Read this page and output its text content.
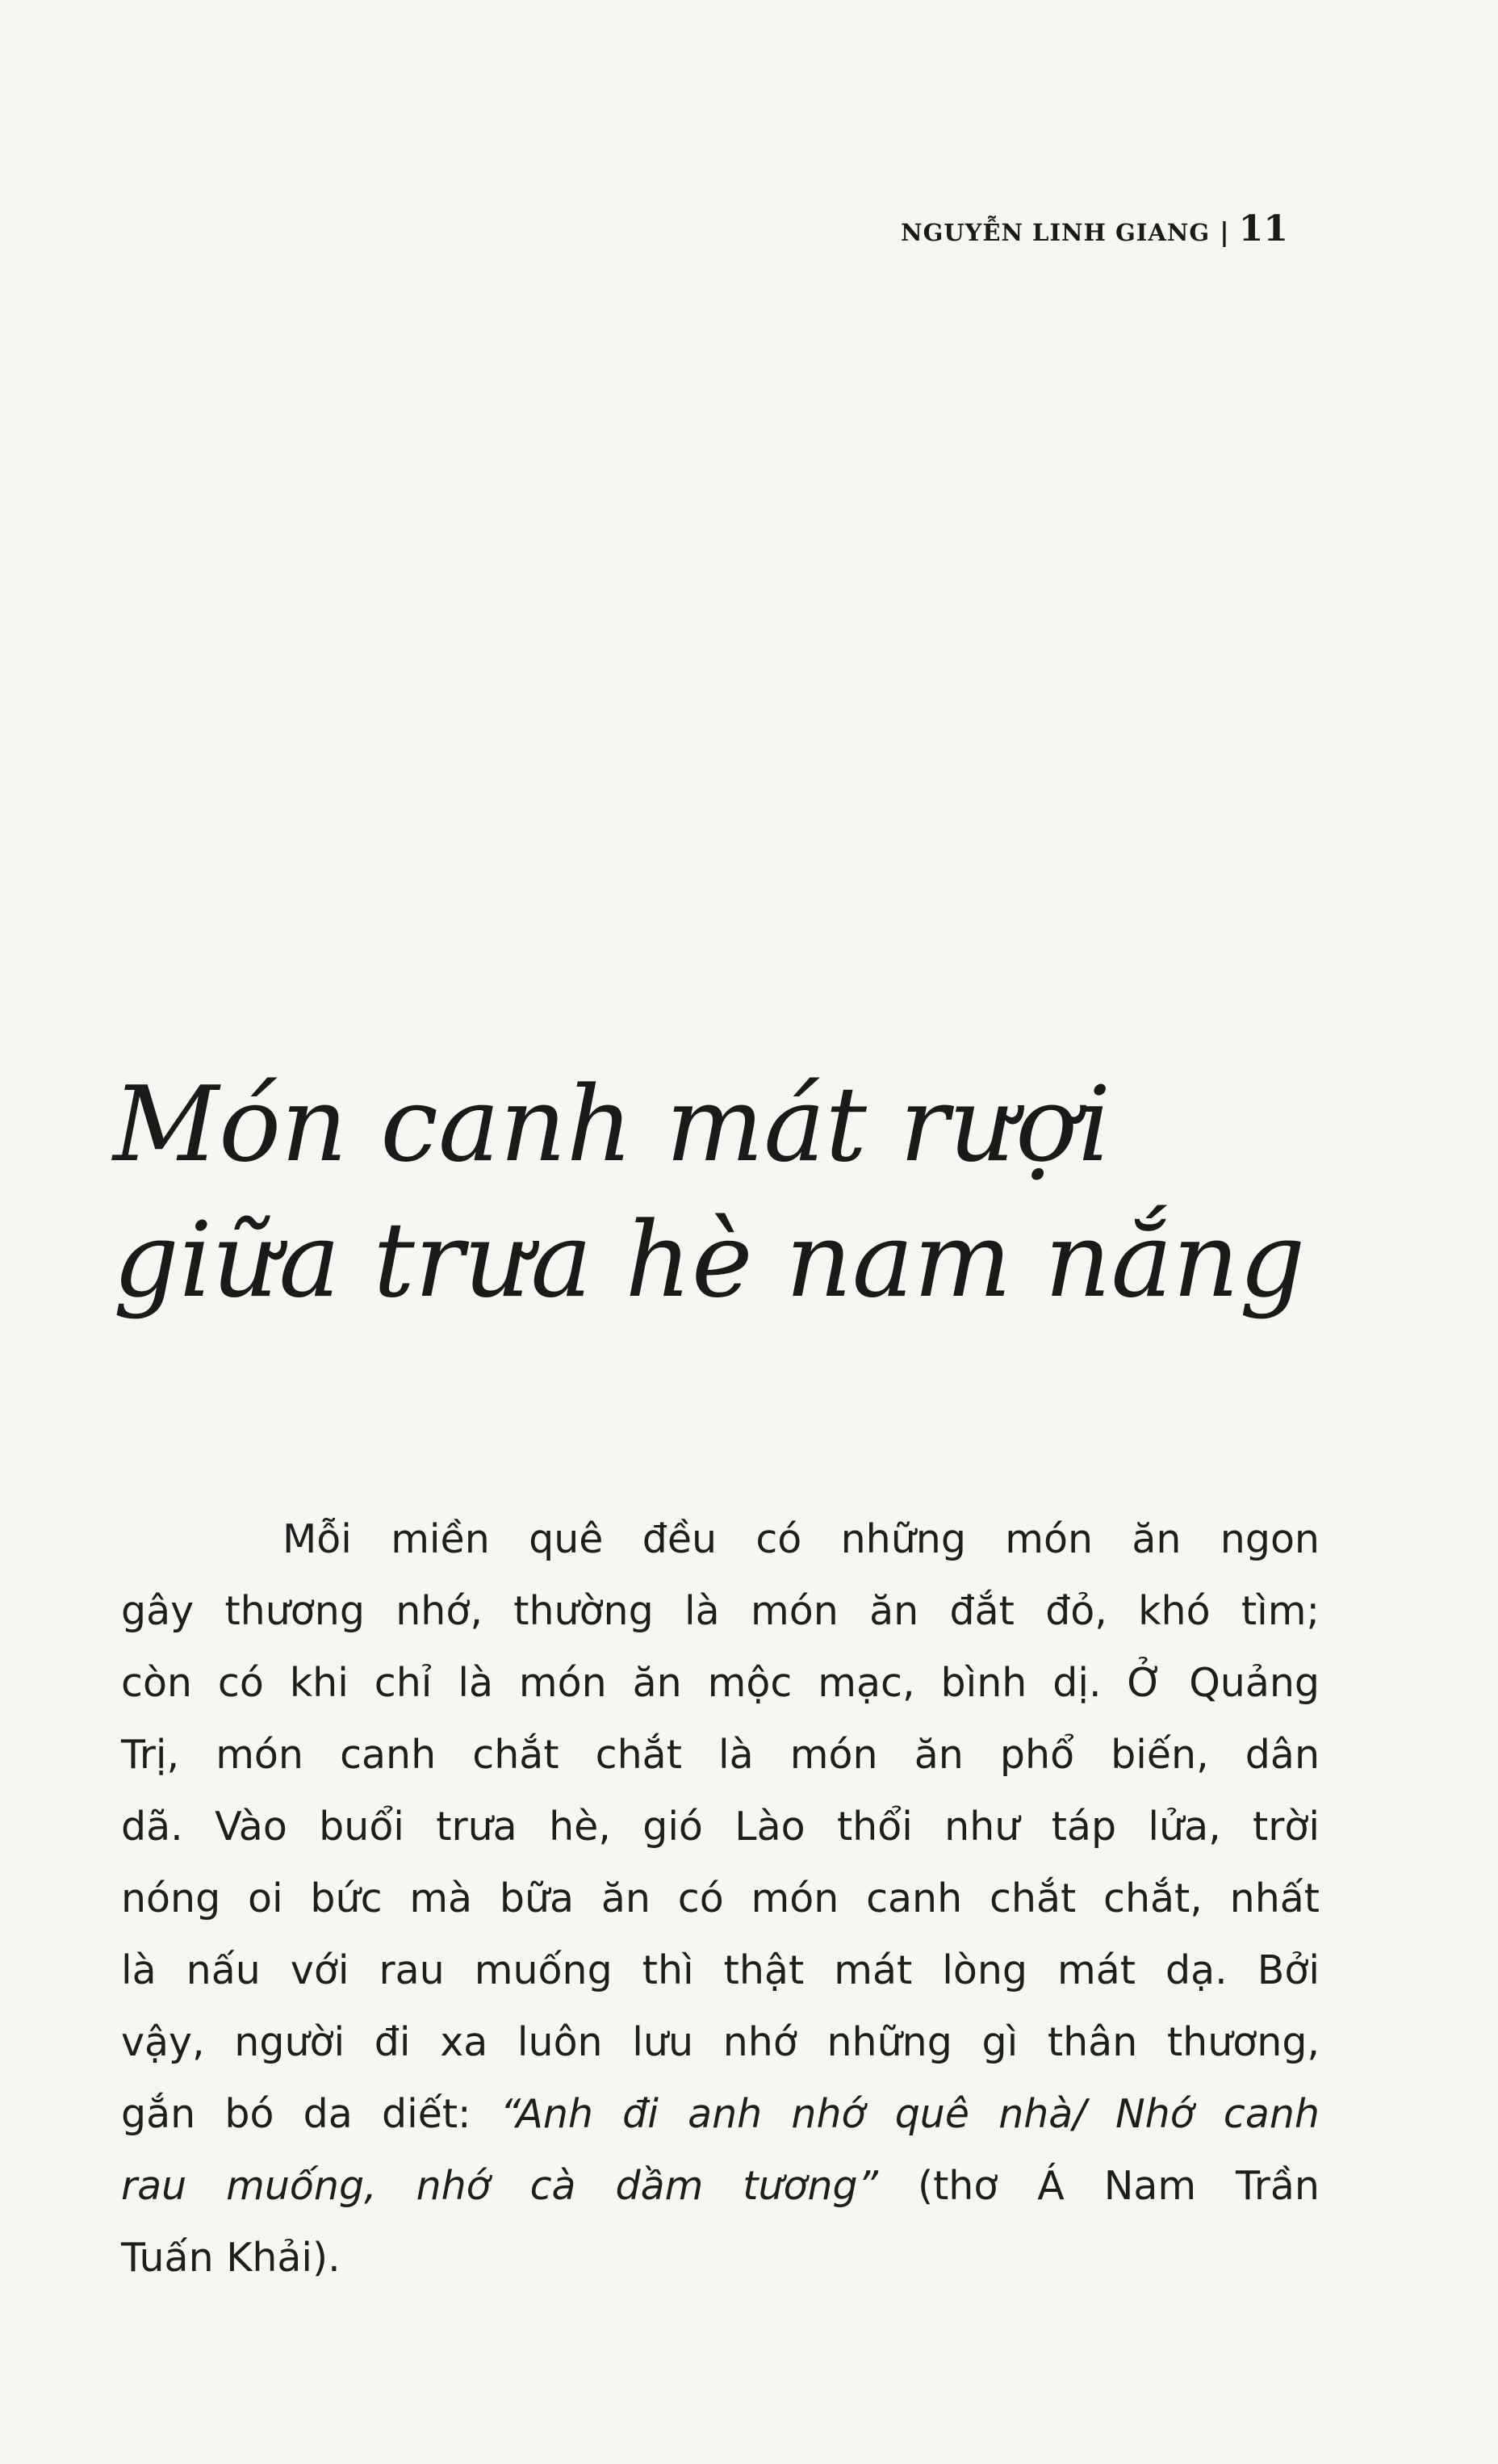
NGUYỄN LINH GIANG | 11
Món canh mát rượi
giữa trưa hè nam nắng

Mỗi miền quê đều có những món ăn ngon
gây thương nhớ, thường là món ăn đắt đỏ, khó tìm;
còn có khi chỉ là món ăn mộc mạc, bình dị. Ở Quảng
Trị, món canh chắt chắt là món ăn phổ biến, dân
dã. Vào buổi trưa hè, gió Lào thổi như táp lửa, trời
nóng oi bức mà bữa ăn có món canh chắt chắt, nhất
là nấu với rau muống thì thật mát lòng mát dạ. Bởi
vậy, người đi xa luôn lưu nhớ những gì thân thương,
gắn bó da diết: “Anh đi anh nhớ quê nhà/ Nhớ canh
rau muống, nhớ cà dầm tương” (thơ Á Nam Trần
Tuấn Khải).
